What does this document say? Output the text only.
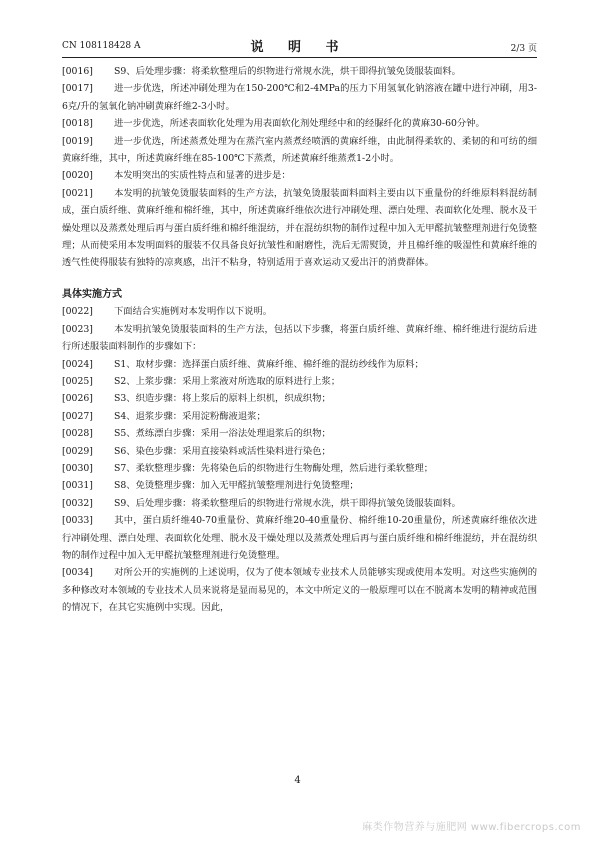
CN 108118428 A	说 明 书	2/3 页
[0016] S9、后处理步骤：将柔软整理后的织物进行常规水洗，烘干即得抗皱免烫服装面料。
[0017] 进一步优选，所述冲刷处理为在150-200℃和2-4MPa的压力下用氢氧化钠溶液在罐中进行冲刷，用3-6克/升的氢氧化钠冲刷黄麻纤维2-3小时。
[0018] 进一步优选，所述表面软化处理为用表面软化剂处理经中和的经脲纤化的黄麻30-60分钟。
[0019] 进一步优选，所述蒸煮处理为在蒸汽室内蒸煮经喷洒的黄麻纤维，由此制得柔软的、柔韧的和可纺的细黄麻纤维，其中，所述黄麻纤维在85-100℃下蒸煮，所述黄麻纤维蒸煮1-2小时。
[0020] 本发明突出的实质性特点和显著的进步是：
[0021] 本发明的抗皱免烫服装面料的生产方法，抗皱免烫服装面料面料主要由以下重量份的纤维原料料混纺制成，蛋白质纤维、黄麻纤维和棉纤维，其中，所述黄麻纤维依次进行冲刷处理、漂白处理、表面软化处理、脱水及干燥处理以及蒸煮处理后再与蛋白质纤维和棉纤维混纺，并在混纺织物的制作过程中加入无甲醛抗皱整理剂进行免烫整理；从而使采用本发明面料的服装不仅具备良好抗皱性和耐磨性，洗后无需熨烫，并且棉纤维的吸湿性和黄麻纤维的透气性使得服装有独特的凉爽感，出汗不粘身，特别适用于喜欢运动又爱出汗的消费群体。
具体实施方式
[0022] 下面结合实施例对本发明作以下说明。
[0023] 本发明抗皱免烫服装面料的生产方法，包括以下步骤，将蛋白质纤维、黄麻纤维、棉纤维进行混纺后进行所述服装面料制作的步骤如下：
[0024] S1、取材步骤：选择蛋白质纤维、黄麻纤维、棉纤维的混纺纱线作为原料；
[0025] S2、上浆步骤：采用上浆液对所选取的原料进行上浆；
[0026] S3、织造步骤：将上浆后的原料上织机，织成织物；
[0027] S4、退浆步骤：采用淀粉酶液退浆；
[0028] S5、煮练漂白步骤：采用一浴法处理退浆后的织物；
[0029] S6、染色步骤：采用直接染料或活性染料进行染色；
[0030] S7、柔软整理步骤：先将染色后的织物进行生物酶处理，然后进行柔软整理；
[0031] S8、免烫整理步骤：加入无甲醛抗皱整理剂进行免烫整理；
[0032] S9、后处理步骤：将柔软整理后的织物进行常规水洗，烘干即得抗皱免烫服装面料。
[0033] 其中，蛋白质纤维40-70重量份、黄麻纤维20-40重量份、棉纤维10-20重量份，所述黄麻纤维依次进行冲刷处理、漂白处理、表面软化处理、脱水及干燥处理以及蒸煮处理后再与蛋白质纤维和棉纤维混纺，并在混纺织物的制作过程中加入无甲醛抗皱整理剂进行免烫整理。
[0034] 对所公开的实施例的上述说明，仅为了使本领域专业技术人员能够实现或使用本发明。对这些实施例的多种修改对本领域的专业技术人员来说将是显而易见的，本文中所定义的一般原理可以在不脱离本发明的精神或范围的情况下，在其它实施例中实现。因此，
4
麻类作物营养与施肥网 www.fibercrops.com
